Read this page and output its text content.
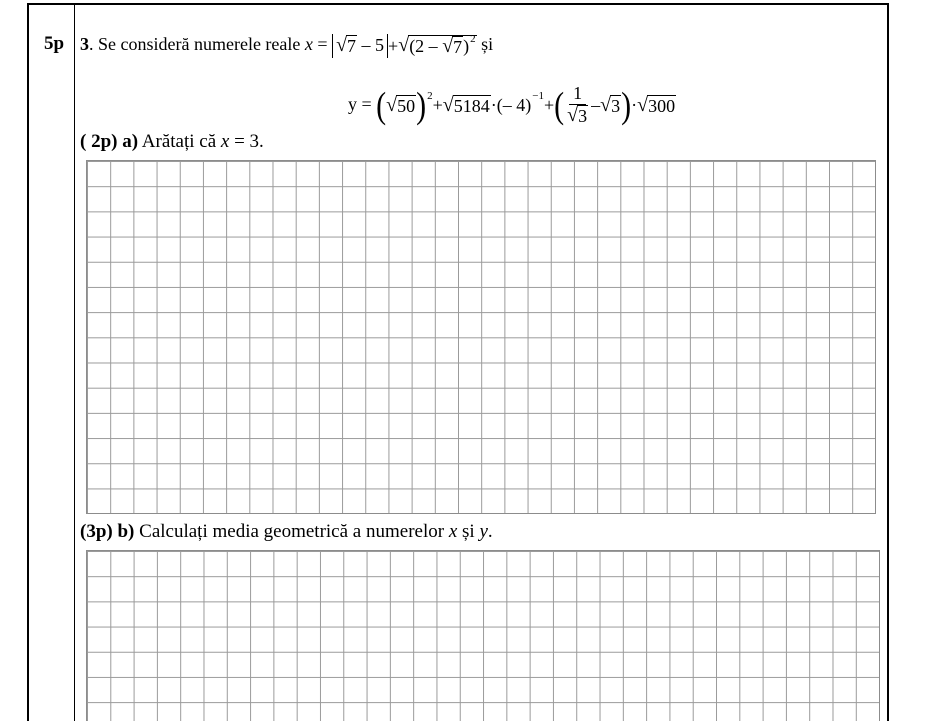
5p 3. Se consideră numerele reale x = √ 7 – 5 + √ (2 – √ 7 )$^2$ și
y = ( √ 50 ) 2 + √ 5184 · (– 4) −1 + ( $\frac{1}{√ 3}$ – √ 3 ) · √ 300
( 2p) a) Arătați că x = 3.
(3p) b) Calculați media geometrică a numerelor x și y.
